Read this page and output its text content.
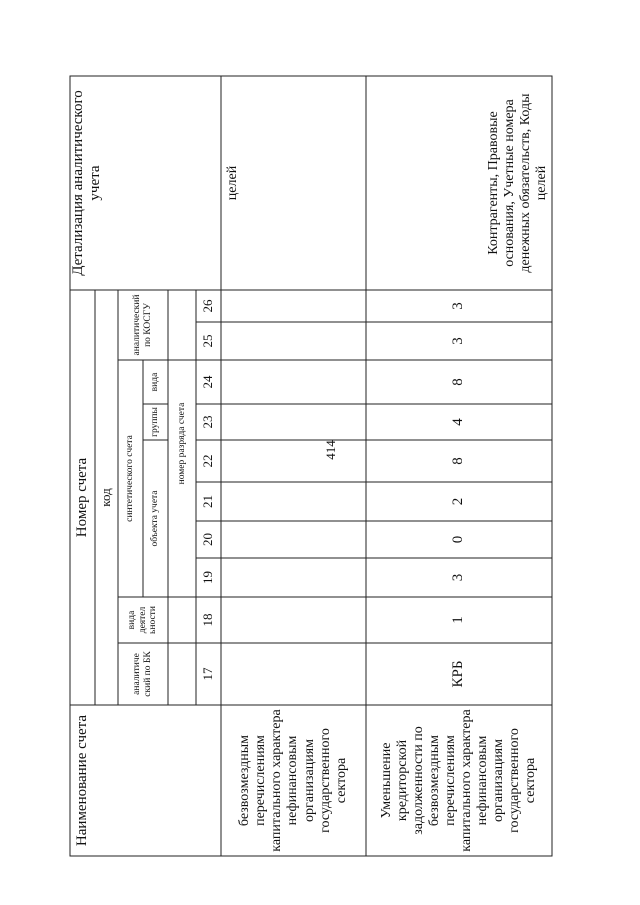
414
Наименование счета
Номер счета код
аналитиче ский по БК
вида деятел ьности
синтетического счета	объекта учета
группы
вида
аналитический по КОСГУ
номер разряда счета
Детализация аналитического учета
17
18
19
20
21
22
23
24
25
26
безвозмездным перечислениям капитального характера нефинансовым организациям государственного сектора
целей
Уменьшение кредиторской задолженности по безвозмездным перечислениям капитального характера нефинансовым организациям государственного сектора
КРБ
1
3
0
2
8
4
8
3
3
Контрагенты, Правовые основания, Учетные номера денежных обязательств, Коды целей
